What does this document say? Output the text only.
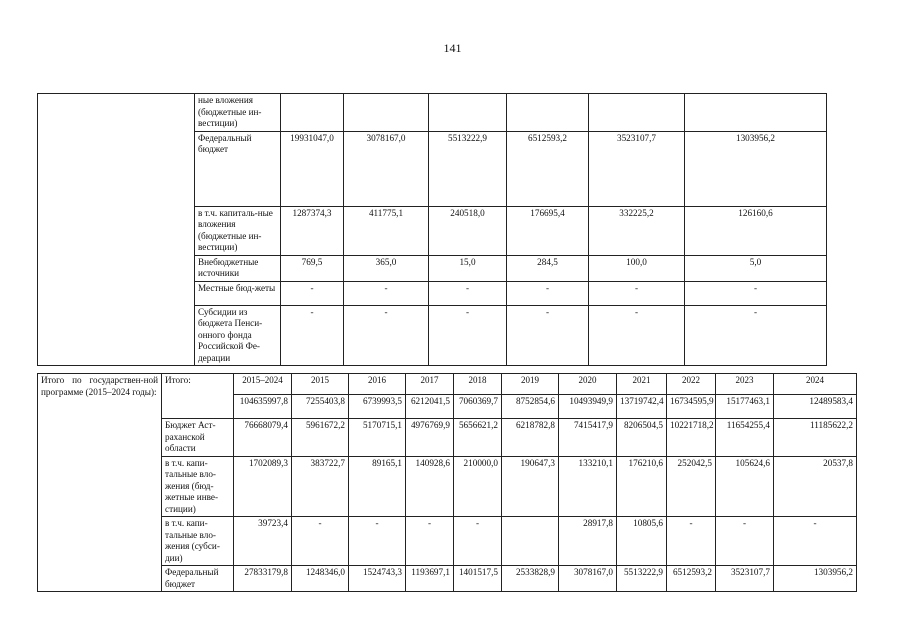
141
	ные вложения (бюджетные ин-вестиции)						
	Федеральный бюджет	19931047,0	3078167,0	5513222,9	6512593,2	3523107,7	1303956,2
	в т.ч. капиталь-ные вложения (бюджетные ин-вестиции)	1287374,3	411775,1	240518,0	176695,4	332225,2	126160,6
	Внебюджетные источники	769,5	365,0	15,0	284,5	100,0	5,0
	Местные бюд-жеты	-	-	-	-	-	-
	Субсидии из бюджета Пенси-онного фонда Российской Фе-дерации	-	-	-	-	-	-
Итого по государствен-ной программе (2015–2024 годы):	Итого:	2015–2024	2015	2016	2017	2018	2019	2020	2021	2022	2023	2024
		104635997,8	7255403,8	6739993,5	6212041,5	7060369,7	8752854,6	10493949,9	13719742,4	16734595,9	15177463,1	12489583,4
	Бюджет Аст-раханской области	76668079,4	5961672,2	5170715,1	4976769,9	5656621,2	6218782,8	7415417,9	8206504,5	10221718,2	11654255,4	11185622,2
	в т.ч. капи-тальные вло-жения (бюд-жетные инве-стиции)	1702089,3	383722,7	89165,1	140928,6	210000,0	190647,3	133210,1	176210,6	252042,5	105624,6	20537,8
	в т.ч. капи-тальные вло-жения (субси-дии)	39723,4	-	-	-	-		28917,8	10805,6	-	-	-
	Федеральный бюджет	27833179,8	1248346,0	1524743,3	1193697,1	1401517,5	2533828,9	3078167,0	5513222,9	6512593,2	3523107,7	1303956,2
